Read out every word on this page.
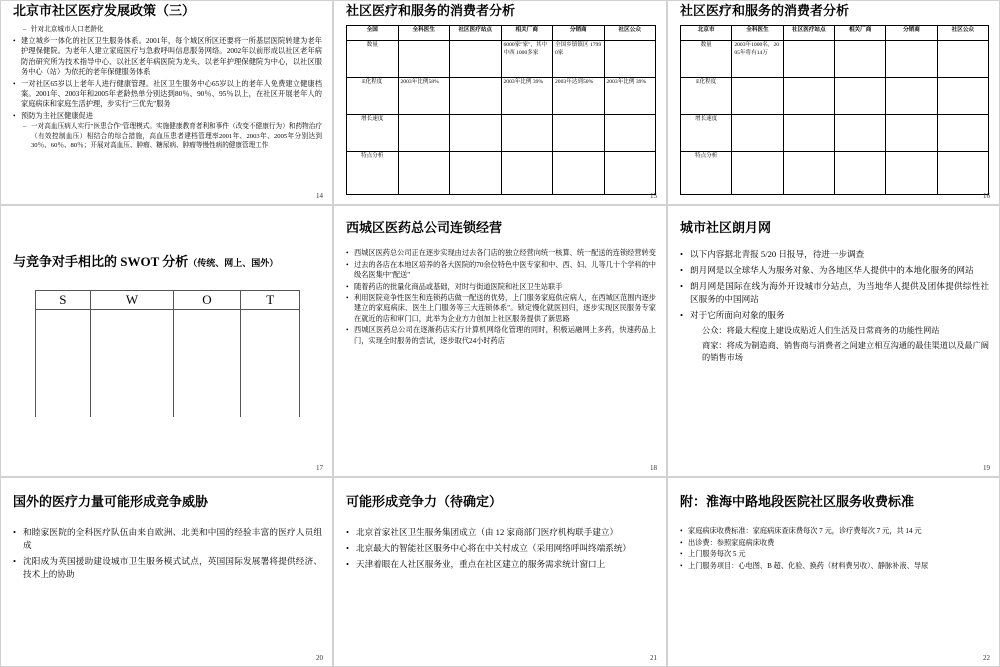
北京市社区医疗发展政策（三）
– 针对北京城市人口老龄化
• 建立城乡一体化的社区卫生服务体系。2001年，每个城区所区还要将一所基层医院转建为老年护理保健院。为老年人建立家庭医疗与急救呼叫信息服务网络。2002年以前形成以社区老年病防治研究所为技术指导中心、以社区老年病医院为龙头、以老年护理保健院为中心，以社区服务中心（站）为依托的老年保健服务体系
• 一对社区65岁以上老年人进行健康管理。社区卫生服务中心65岁以上的老年人免费建立健康档案。2001年、2003年和2005年老龄热单分别达到80％、90％、95％以上，在社区开展老年人的家庭病床和家庭生活护理，步实行"三优先"服务
• 预防为主社区健康促进
– 一对高血压病人实行"医患合作"管理模式。实施健康教育者利和事件（改变不健康行为）和药物治疗（有效控制血压）相结合的综合措施，高血压患者建档管理率2001年、2003年、2005年分别达到30％、60％、80％；开展对高血压、肿瘤、糖尿病、肿瘤等慢性病的健康管理工作
14
社区医疗和服务的消费者分析
全国	全科医生	社区医疗站点	相关厂商	分销商	社区公众
数量			6000家"家"，其中中西 1000多家	全国乡镇镇区 17990家	
E化程度	2003年比例58%		2003年比例 39%	2003年达到50%	2003年比例 39%
增长速度					
特点分析					
15
社区医疗和服务的消费者分析
北京市	全科医生	社区医疗站点	相关厂商	分销商	社区公众
数量	2003年1000名，2005年将有14万				
E化程度					
增长速度					
特点分析					
16
与竞争对手相比的 SWOT 分析（传统、网上、国外）
S	W	O	T

17
西城区医药总公司连锁经营
• 西城区医药总公司正在逐步实现由过去各门店的独立经营向统一核算、统一配送的连锁经营转变
• 过去的各店在本地区培养的各大医院的70余位特色中医专家和中、西、妇、儿等几十个学科的中级名医集中"配送"
• 随着药店的批量化商品或基础，对时与街道医院和社区卫生站联手
• 利用医院竞争性医生和连锁药店做一配送的优势，上门服务家庭供应病人，在西城区范围内逐步建立的家庭病床、医生上门服务等三大连锁体系"。锁定慢化就医回归，逐步实现区民服务专家在就近的店和审门口，此举为企业方力创加上社区服务提供了新思路
• 西城区医药总公司在逐渐药店实行计算机网络化管理的同时，积极运融网上多药，快速药品上门，实现全时服务的尝试，逐步取代24小时药店
18
城市社区朗月网
• 以下内容据北青报 5/20 日报导，待进一步调查
• 朗月网是以全球华人为服务对象、为各地区华人提供中的本地化服务的网站
• 朗月网是国际在线为海外开设城市分站点，为当地华人提供及团体提供综性社区服务的中国网站
• 对于它所面向对象的服务
公众：将最大程度上建设成贴近人们生活及日常商务的功能性网站
商家：将成为制造商、销售商与消费者之间建立相互沟通的最佳渠道以及最广阔的销售市场
19
国外的医疗力量可能形成竞争威胁
• 和睦家医院的全科医疗队伍由来自欧洲、北美和中国的经验丰富的医疗人员组成
• 沈阳成为英国援助建设城市卫生服务模式试点，英国国际发展署将提供经济、技术上的协助
20
可能形成竞争力（待确定）
• 北京首家社区卫生服务集团成立（由 12 家商部门医疗机构联手建立）
• 北京最大的智能社区服务中心将在中关村成立（采用网络呼叫终端系统）
• 天津着眼在人社区服务业，重点在社区建立的服务需求统计窗口上
21
附：淮海中路地段医院社区服务收费标准
• 家庭病床收费标准：家庭病床查床费每次 7 元，诊疗费每次 7 元，共 14 元
• 出诊费：参照家庭病床收费
• 上门服务每次 5 元
• 上门服务项目：心电图、B 超、化验、换药（材料费另收）、静脉补液、导尿
22
